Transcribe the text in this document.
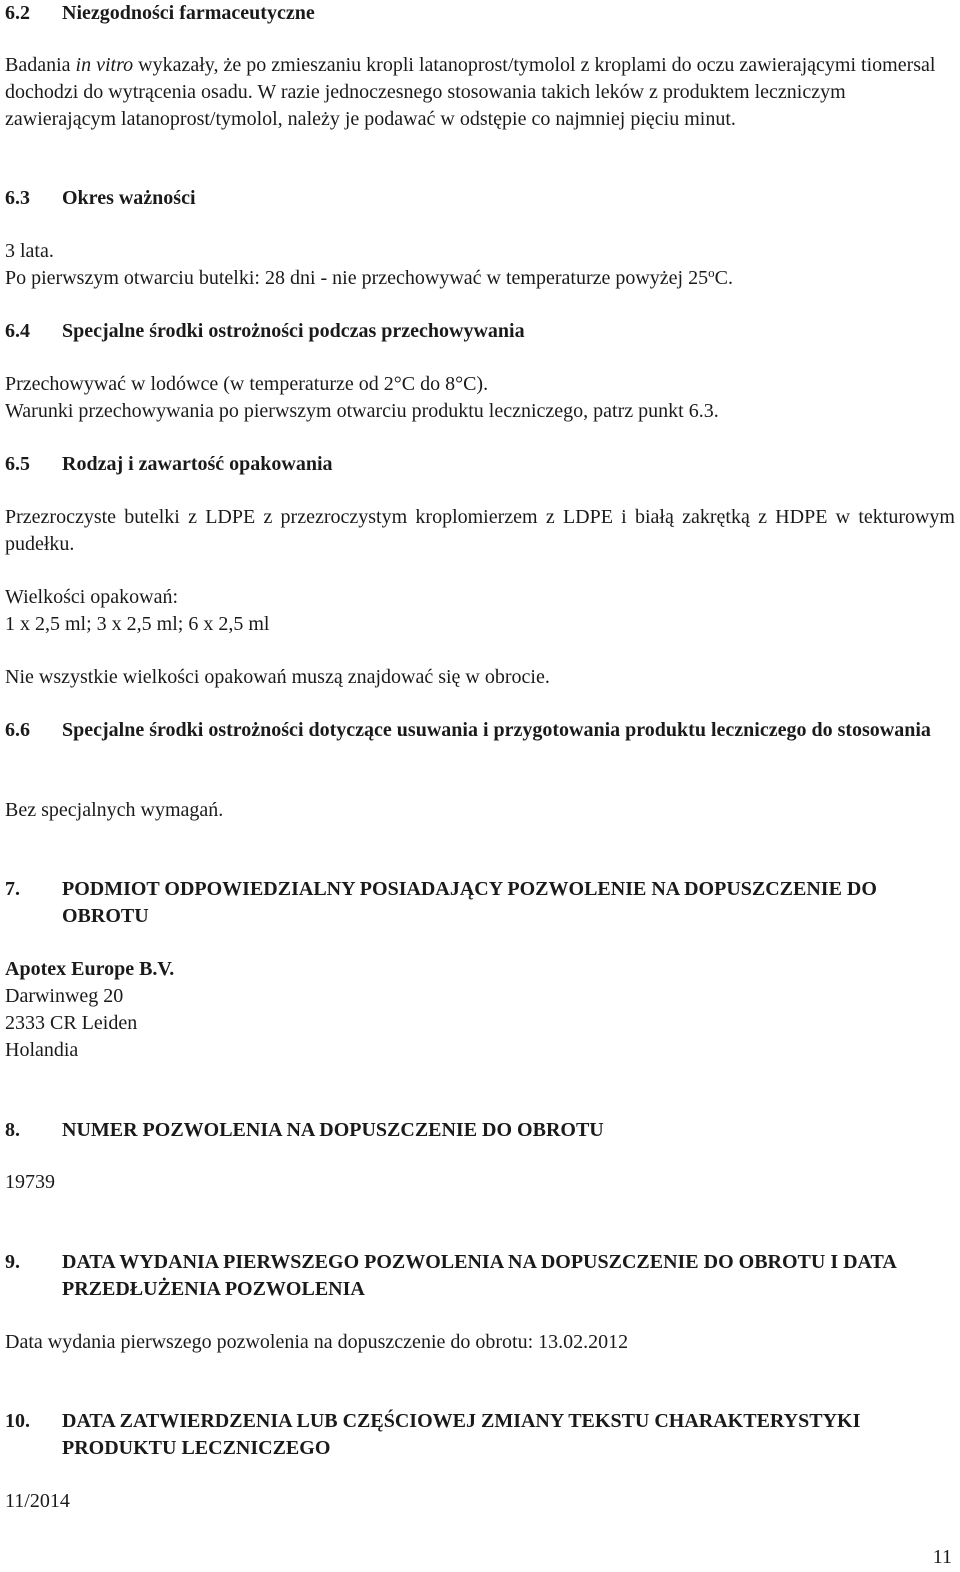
6.2	Niezgodności farmaceutyczne

Badania in vitro wykazały, że po zmieszaniu kropli latanoprost/tymolol z kroplami do oczu zawierającymi tiomersal dochodzi do wytrącenia osadu. W razie jednoczesnego stosowania takich leków z produktem leczniczym zawierającym latanoprost/tymolol, należy je podawać w odstępie co najmniej pięciu minut.

6.3	Okres ważności

3 lata.

Po pierwszym otwarciu butelki: 28 dni - nie przechowywać w temperaturze powyżej 25$^o$C.

6.4	Specjalne środki ostrożności podczas przechowywania

Przechowywać w lodówce (w temperaturze od 2°C do 8°C).

Warunki przechowywania po pierwszym otwarciu produktu leczniczego, patrz punkt 6.3.

6.5	Rodzaj i zawartość opakowania

Przezroczyste butelki z LDPE z przezroczystym kroplomierzem z LDPE i białą zakrętką z HDPE w tekturowym pudełku.

Wielkości opakowań:

1 x 2,5 ml; 3 x 2,5 ml; 6 x 2,5 ml

Nie wszystkie wielkości opakowań muszą znajdować się w obrocie.

6.6	Specjalne środki ostrożności dotyczące usuwania i przygotowania produktu leczniczego do stosowania

Bez specjalnych wymagań.

7.	PODMIOT ODPOWIEDZIALNY POSIADAJĄCY POZWOLENIE NA DOPUSZCZENIE DO OBROTU

Apotex Europe B.V.

Darwinweg 20

2333 CR Leiden

Holandia

8.	NUMER POZWOLENIA NA DOPUSZCZENIE DO OBROTU

19739

9.	DATA WYDANIA PIERWSZEGO POZWOLENIA NA DOPUSZCZENIE DO OBROTU I DATA PRZEDŁUŻENIA POZWOLENIA

Data wydania pierwszego pozwolenia na dopuszczenie do obrotu: 13.02.2012

10.	DATA ZATWIERDZENIA LUB CZĘŚCIOWEJ ZMIANY TEKSTU CHARAKTERYSTYKI PRODUKTU LECZNICZEGO

11/2014

11
